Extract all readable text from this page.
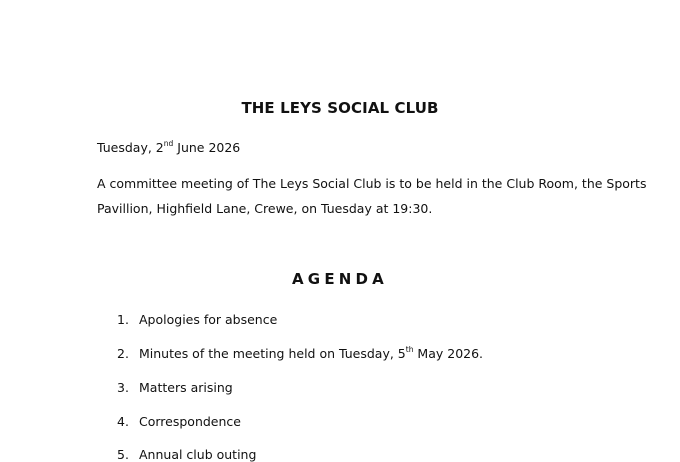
THE LEYS SOCIAL CLUB
Tuesday, 2nd June 2026
A committee meeting of The Leys Social Club is to be held in the Club Room, the Sports
Pavillion, Highfield Lane, Crewe, on Tuesday at 19:30.
AGENDA
1. Apologies for absence
2. Minutes of the meeting held on Tuesday, 5th May 2026.
3. Matters arising
4. Correspondence
5. Annual club outing
